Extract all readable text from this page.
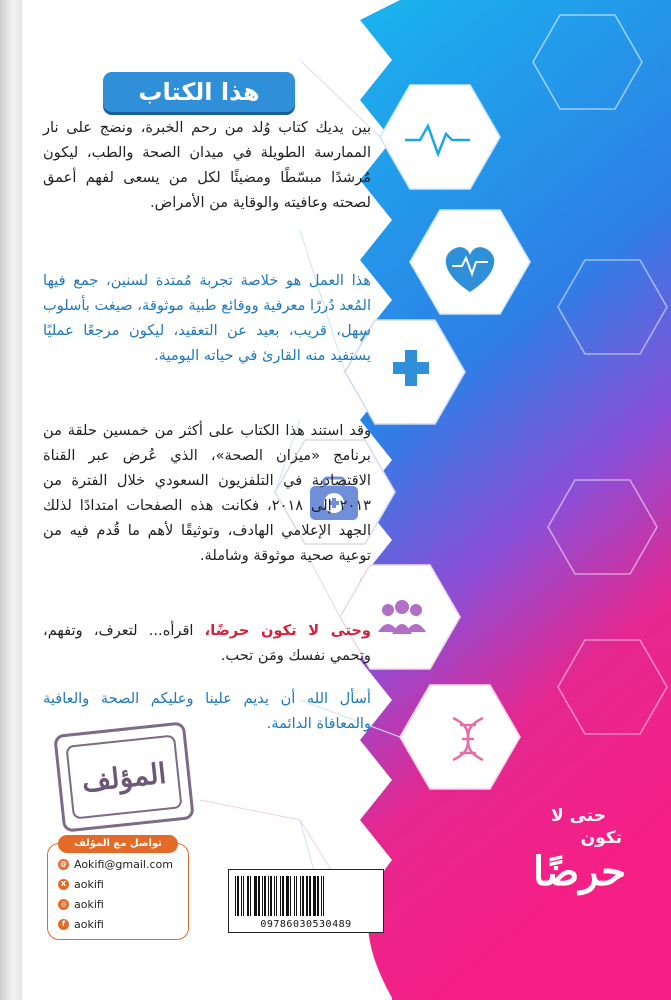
هذا الكتاب
بين يديك كتاب وُلد من رحم الخبرة، ونضج على نار الممارسة الطويلة في ميدان الصحة والطب، ليكون مُرشدًا مبسّطًا ومضيئًا لكل من يسعى لفهم أعمق لصحته وعافيته والوقاية من الأمراض.
هذا العمل هو خلاصة تجربة مُمتدة لسنين، جمع فيها المُعد دُررًا معرفية ووقائع طبية موثوقة، صيغت بأسلوب سهل، قريب، بعيد عن التعقيد، ليكون مرجعًا عمليًا يستفيد منه القارئ في حياته اليومية.
وقد استند هذا الكتاب على أكثر من خمسين حلقة من برنامج «ميزان الصحة»، الذي عُرض عبر القناة الاقتصادية في التلفزيون السعودي خلال الفترة من ٢٠١٣ إلى ٢٠١٨، فكانت هذه الصفحات امتدادًا لذلك الجهد الإعلامي الهادف، وتوثيقًا لأهم ما قُدم فيه من توعية صحية موثوقة وشاملة.
وحتى لا تكون حرضًا، اقرأه... لتعرف، وتفهم، وتحمي نفسك ومَن تحب.
أسأل الله أن يديم علينا وعليكم الصحة والعافية والمعافاة الدائمة.
المؤلف
تواصل مع المؤلف
@ Aokifi@gmail.com
X aokifi
◎ aokifi
f aokifi	09786030530489
حتى لا
تكون
حرضًا
